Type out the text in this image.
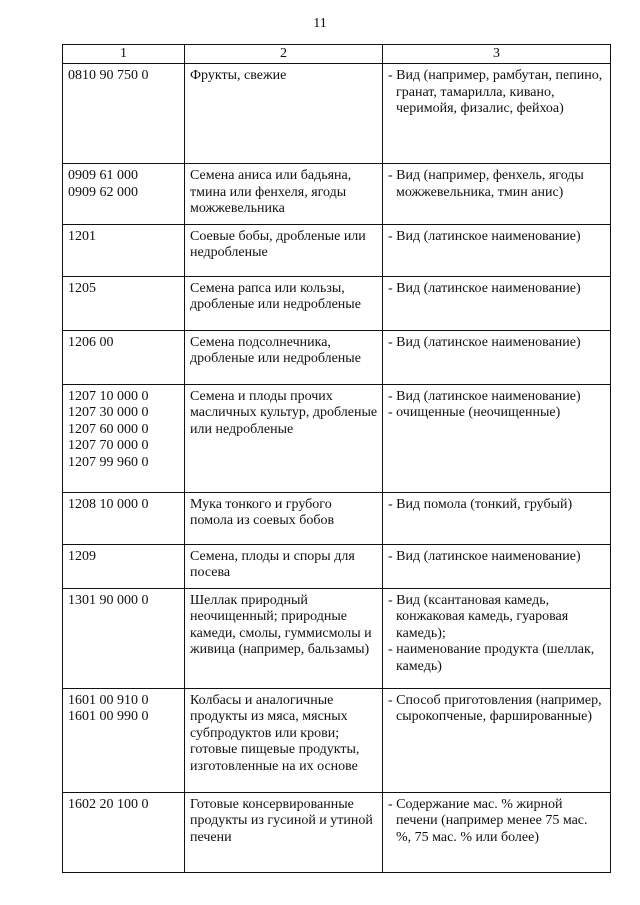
11
1	2	3

0810 90 750 0	Фрукты, свежие	- Вид (например, рамбутан, пепино, гранат, тамарилла, кивано, черимойя, физалис, фейхоа)

0909 61 000
0909 62 000	Семена аниса или бадьяна, тмина или фенхеля, ягоды можжевельника	- Вид (например, фенхель, ягоды можжевельника, тмин анис)

1201	Соевые бобы, дробленые или недробленые	- Вид (латинское наименование)

1205	Семена рапса или кользы, дробленые или недробленые	- Вид (латинское наименование)

1206 00	Семена подсолнечника, дробленые или недробленые	- Вид (латинское наименование)

1207 10 000 0
1207 30 000 0
1207 60 000 0
1207 70 000 0
1207 99 960 0	Семена и плоды прочих масличных культур, дробленые или недробленые	- Вид (латинское наименование)
- очищенные (неочищенные)

1208 10 000 0	Мука тонкого и грубого помола из соевых бобов	- Вид помола (тонкий, грубый)

1209	Семена, плоды и споры для посева	- Вид (латинское наименование)

1301 90 000 0	Шеллак природный неочищенный; природные камеди, смолы, гуммисмолы и живица (например, бальзамы)	- Вид (ксантановая камедь, конжаковая камедь, гуаровая камедь);
- наименование продукта (шеллак, камедь)

1601 00 910 0
1601 00 990 0	Колбасы и аналогичные продукты из мяса, мясных субпродуктов или крови; готовые пищевые продукты, изготовленные на их основе	- Способ приготовления (например, сырокопченые, фаршированные)

1602 20 100 0	Готовые консервированные продукты из гусиной и утиной печени	- Содержание мас. % жирной печени (например менее 75 мас. %, 75 мас. % или более)
